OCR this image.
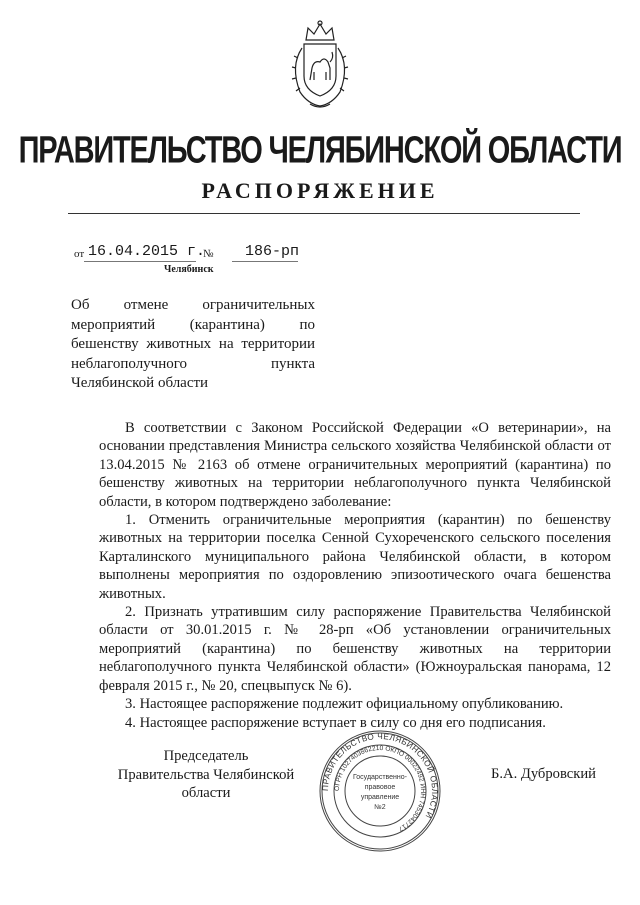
ПРАВИТЕЛЬСТВО ЧЕЛЯБИНСКОЙ ОБЛАСТИ
РАСПОРЯЖЕНИЕ
от 16.04.2015 г.
№ 186-рп
Челябинск
Об отмене ограничительных мероприятий (карантина) по бешенству животных на территории неблагополучного пункта Челябинской области

В соответствии с Законом Российской Федерации «О ветеринарии», на основании представления Министра сельского хозяйства Челябинской области от 13.04.2015 № 2163 об отмене ограничительных мероприятий (карантина) по бешенству животных на территории неблагополучного пункта Челябинской области, в котором подтверждено заболевание:

1. Отменить ограничительные мероприятия (карантин) по бешенству животных на территории поселка Сенной Сухореченского сельского поселения Карталинского муниципального района Челябинской области, в котором выполнены мероприятия по оздоровлению эпизоотического очага бешенства животных.

2. Признать утратившим силу распоряжение Правительства Челябинской области от 30.01.2015 г. № 28-рп «Об установлении ограничительных мероприятий (карантина) по бешенству животных на территории неблагополучного пункта Челябинской области» (Южноуральская панорама, 12 февраля 2015 г., № 20, спецвыпуск № 6).

3. Настоящее распоряжение подлежит официальному опубликованию.

4. Настоящее распоряжение вступает в силу со дня его подписания.

Председатель
Правительства Челябинской области
Б.А. Дубровский
ПРАВИТЕЛЬСТВО ЧЕЛЯБИНСКОЙ ОБЛАСТИ
ОГРН 1027403862210 ОКПО 00022492 ИНН 7453042717
Государственно-
правовое
управление
№2
